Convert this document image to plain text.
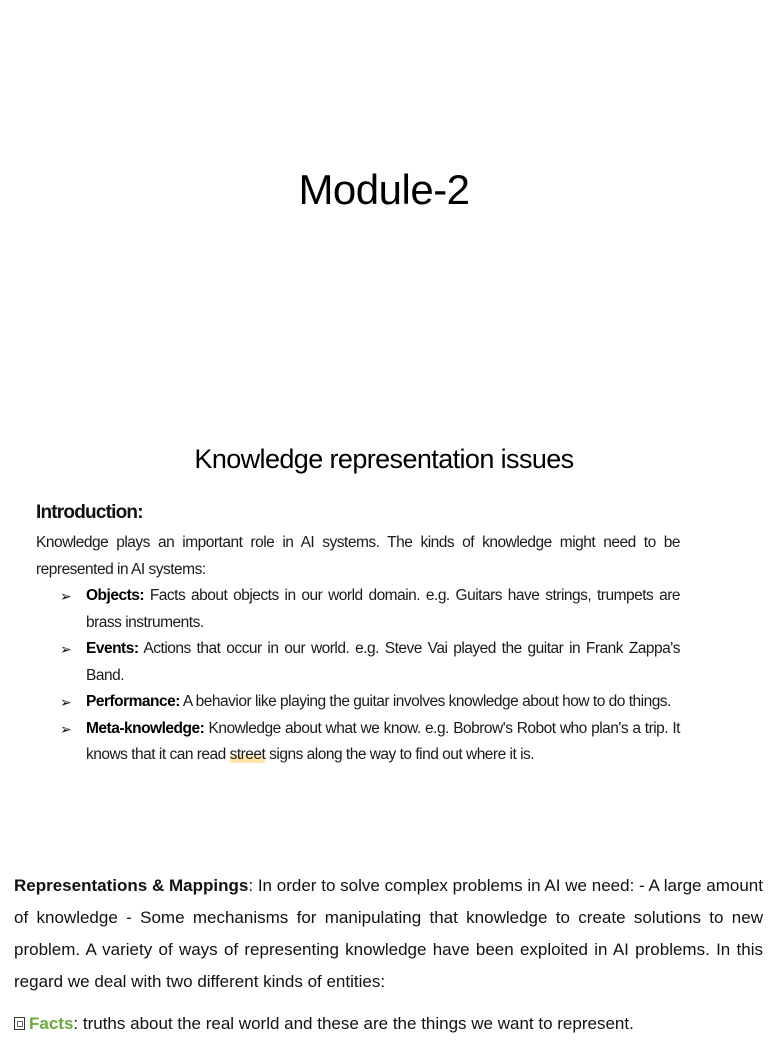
Module-2
Knowledge representation issues
Introduction:

Knowledge plays an important role in AI systems. The kinds of knowledge might need to be represented in AI systems:

➢ Objects: Facts about objects in our world domain. e.g. Guitars have strings, trumpets are brass instruments.
➢ Events: Actions that occur in our world. e.g. Steve Vai played the guitar in Frank Zappa's Band.
➢ Performance: A behavior like playing the guitar involves knowledge about how to do things.
➢ Meta-knowledge: Knowledge about what we know. e.g. Bobrow's Robot who plan's a trip. It knows that it can read street signs along the way to find out where it is.

Representations & Mappings: In order to solve complex problems in AI we need: - A large amount of knowledge - Some mechanisms for manipulating that knowledge to create solutions to new problem. A variety of ways of representing knowledge have been exploited in AI problems. In this regard we deal with two different kinds of entities:

Facts: truths about the real world and these are the things we want to represent.
